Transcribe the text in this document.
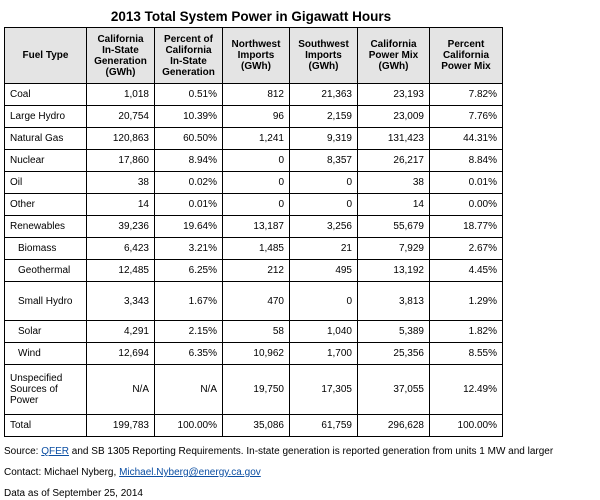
2013 Total System Power in Gigawatt Hours
Fuel Type	California In-State Generation (GWh)	Percent of California In-State Generation	Northwest Imports (GWh)	Southwest Imports (GWh)	California Power Mix (GWh)	Percent California Power Mix
Coal	1,018	0.51%	812	21,363	23,193	7.82%
Large Hydro	20,754	10.39%	96	2,159	23,009	7.76%
Natural Gas	120,863	60.50%	1,241	9,319	131,423	44.31%
Nuclear	17,860	8.94%	0	8,357	26,217	8.84%
Oil	38	0.02%	0	0	38	0.01%
Other	14	0.01%	0	0	14	0.00%
Renewables	39,236	19.64%	13,187	3,256	55,679	18.77%
Biomass	6,423	3.21%	1,485	21	7,929	2.67%
Geothermal	12,485	6.25%	212	495	13,192	4.45%
Small Hydro	3,343	1.67%	470	0	3,813	1.29%
Solar	4,291	2.15%	58	1,040	5,389	1.82%
Wind	12,694	6.35%	10,962	1,700	25,356	8.55%
Unspecified Sources of Power	N/A	N/A	19,750	17,305	37,055	12.49%
Total	199,783	100.00%	35,086	61,759	296,628	100.00%
Source: QFER and SB 1305 Reporting Requirements. In-state generation is reported generation from units 1 MW and larger
Contact: Michael Nyberg, Michael.Nyberg@energy.ca.gov
Data as of September 25, 2014
